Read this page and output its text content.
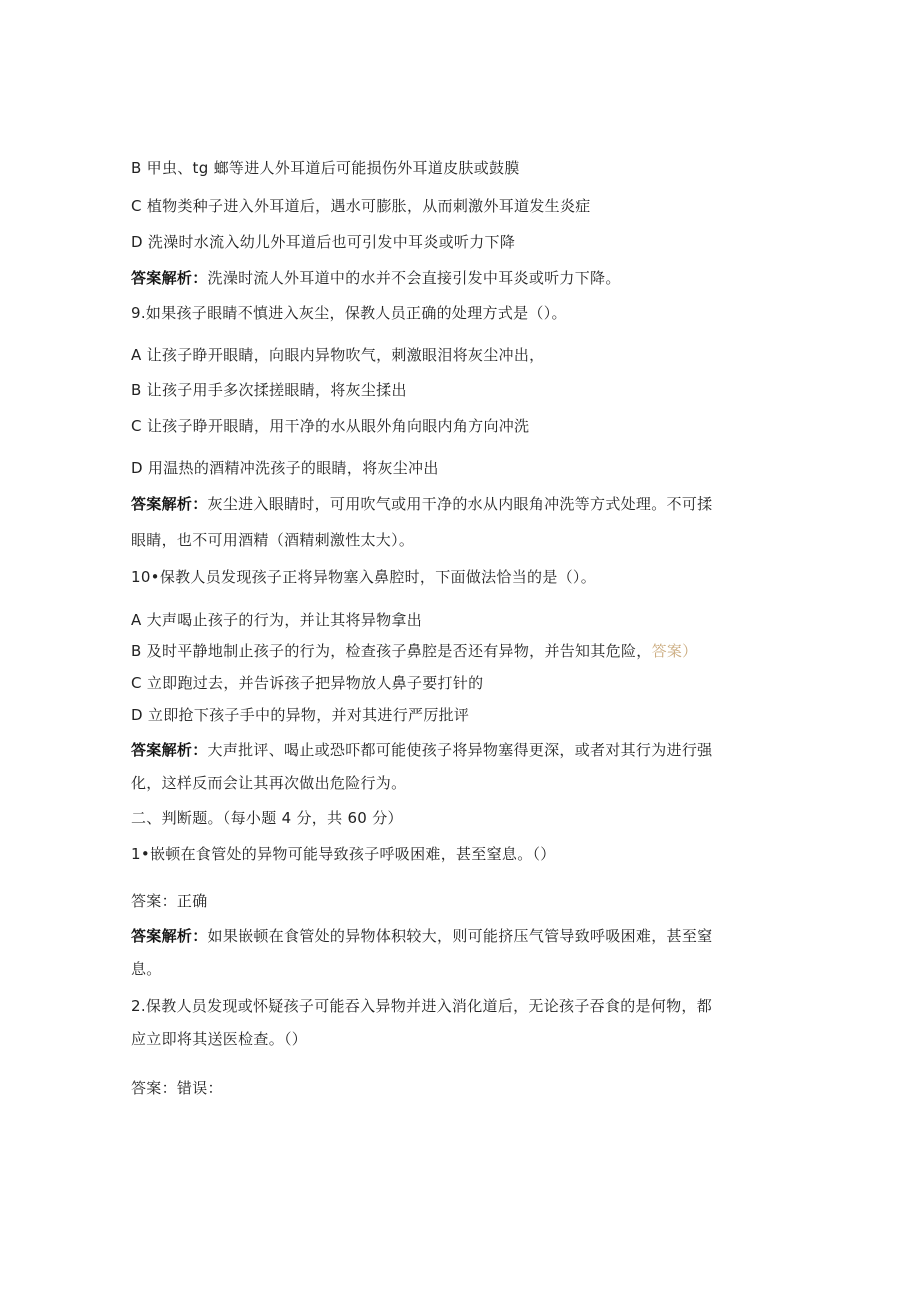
B 甲虫、tg 螂等进人外耳道后可能损伤外耳道皮肤或鼓膜
C 植物类种子进入外耳道后，遇水可膨胀，从而刺激外耳道发生炎症
D 洗澡时水流入幼儿外耳道后也可引发中耳炎或听力下降
答案解析：洗澡时流人外耳道中的水并不会直接引发中耳炎或听力下降。
9.如果孩子眼睛不慎进入灰尘，保教人员正确的处理方式是（）。
A 让孩子睁开眼睛，向眼内异物吹气，刺激眼泪将灰尘冲出，
B 让孩子用手多次揉搓眼睛，将灰尘揉出
C 让孩子睁开眼睛，用干净的水从眼外角向眼内角方向冲洗
D 用温热的酒精冲洗孩子的眼睛，将灰尘冲出
答案解析：灰尘进入眼睛时，可用吹气或用干净的水从内眼角冲洗等方式处理。不可揉
眼睛，也不可用酒精（酒精刺激性太大）。
10•保教人员发现孩子正将异物塞入鼻腔时，下面做法恰当的是（）。
A 大声喝止孩子的行为，并让其将异物拿出
B 及时平静地制止孩子的行为，检查孩子鼻腔是否还有异物，并告知其危险，答案）
C 立即跑过去，并告诉孩子把异物放人鼻子要打针的
D 立即抢下孩子手中的异物，并对其进行严厉批评
答案解析：大声批评、喝止或恐吓都可能使孩子将异物塞得更深，或者对其行为进行强
化，这样反而会让其再次做出危险行为。
二、判断题。（每小题 4 分，共 60 分）
1•嵌顿在食管处的异物可能导致孩子呼吸困难，甚至窒息。（）
答案：正确
答案解析：如果嵌顿在食管处的异物体积较大，则可能挤压气管导致呼吸困难，甚至窒
息。
2.保教人员发现或怀疑孩子可能吞入异物并进入消化道后，无论孩子吞食的是何物，都
应立即将其送医检查。（）
答案：错误：
